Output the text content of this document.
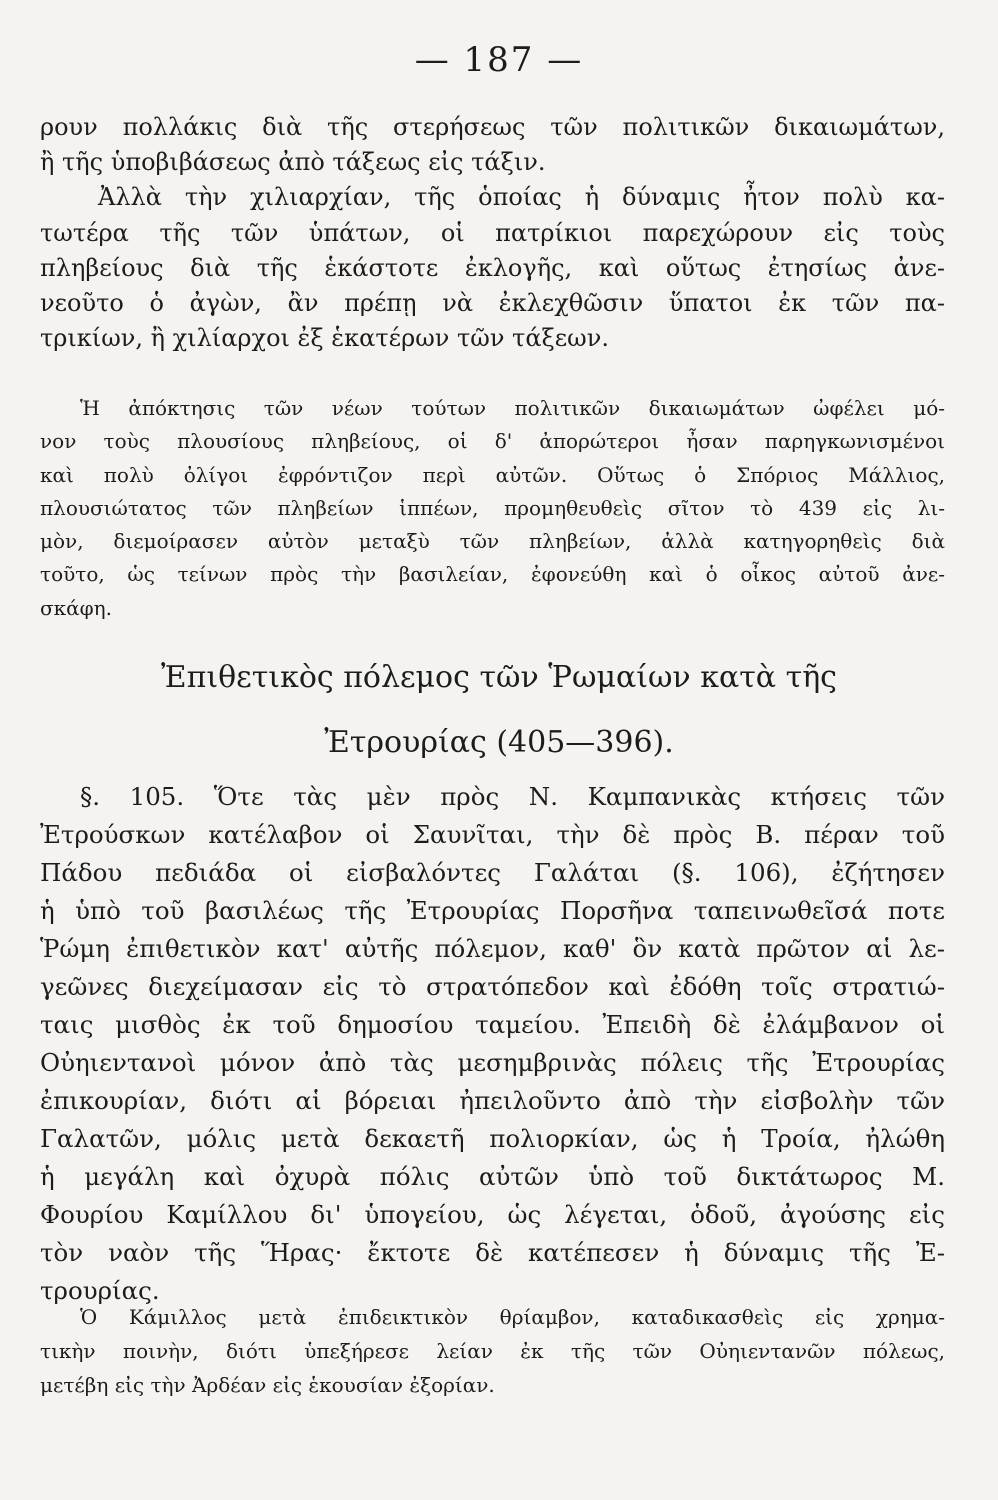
— 187 —
ρουν πολλάκις διὰ τῆς στερήσεως τῶν πολιτικῶν δικαιωμάτων,
ἢ τῆς ὑποβιβάσεως ἀπὸ τάξεως εἰς τάξιν.
Ἀλλὰ τὴν χιλιαρχίαν, τῆς ὁποίας ἡ δύναμις ἦτον πολὺ κα-
τωτέρα τῆς τῶν ὑπάτων, οἱ πατρίκιοι παρεχώρουν εἰς τοὺς
πληβείους διὰ τῆς ἑκάστοτε ἐκλογῆς, καὶ οὕτως ἐτησίως ἀνε-
νεοῦτο ὁ ἀγὼν, ἂν πρέπῃ νὰ ἐκλεχθῶσιν ὕπατοι ἐκ τῶν πα-
τρικίων, ἢ χιλίαρχοι ἐξ ἑκατέρων τῶν τάξεων.
Ἡ ἀπόκτησις τῶν νέων τούτων πολιτικῶν δικαιωμάτων ὠφέλει μό-
νον τοὺς πλουσίους πληβείους, οἱ δ' ἀπορώτεροι ἦσαν παρηγκωνισμένοι
καὶ πολὺ ὀλίγοι ἐφρόντιζον περὶ αὐτῶν. Οὕτως ὁ Σπόριος Μάλλιος,
πλουσιώτατος τῶν πληβείων ἱππέων, προμηθευθεὶς σῖτον τὸ 439 εἰς λι-
μὸν, διεμοίρασεν αὐτὸν μεταξὺ τῶν πληβείων, ἀλλὰ κατηγορηθεὶς διὰ
τοῦτο, ὡς τείνων πρὸς τὴν βασιλείαν, ἐφονεύθη καὶ ὁ οἶκος αὐτοῦ ἀνε-
σκάφη.
Ἐπιθετικὸς πόλεμος τῶν Ῥωμαίων κατὰ τῆς
Ἐτρουρίας (405—396).
§. 105. Ὅτε τὰς μὲν πρὸς Ν. Καμπανικὰς κτήσεις τῶν
Ἐτρούσκων κατέλαβον οἱ Σαυνῖται, τὴν δὲ πρὸς Β. πέραν τοῦ
Πάδου πεδιάδα οἱ εἰσβαλόντες Γαλάται (§. 106), ἐζήτησεν
ἡ ὑπὸ τοῦ βασιλέως τῆς Ἐτρουρίας Πορσῆνα ταπεινωθεῖσά ποτε
Ῥώμη ἐπιθετικὸν κατ' αὐτῆς πόλεμον, καθ' ὃν κατὰ πρῶτον αἱ λε-
γεῶνες διεχείμασαν εἰς τὸ στρατόπεδον καὶ ἐδόθη τοῖς στρατιώ-
ταις μισθὸς ἐκ τοῦ δημοσίου ταμείου. Ἐπειδὴ δὲ ἐλάμβανον οἱ
Οὐηιεντανοὶ μόνον ἀπὸ τὰς μεσημβρινὰς πόλεις τῆς Ἐτρουρίας
ἐπικουρίαν, διότι αἱ βόρειαι ἠπειλοῦντο ἀπὸ τὴν εἰσβολὴν τῶν
Γαλατῶν, μόλις μετὰ δεκαετῆ πολιορκίαν, ὡς ἡ Τροία, ἠλώθη
ἡ μεγάλη καὶ ὀχυρὰ πόλις αὐτῶν ὑπὸ τοῦ δικτάτωρος Μ.
Φουρίου Καμίλλου δι' ὑπογείου, ὡς λέγεται, ὁδοῦ, ἀγούσης εἰς
τὸν ναὸν τῆς Ἥρας· ἔκτοτε δὲ κατέπεσεν ἡ δύναμις τῆς Ἐ-
τρουρίας.
Ὁ Κάμιλλος μετὰ ἐπιδεικτικὸν θρίαμβον, καταδικασθεὶς εἰς χρημα-
τικὴν ποινὴν, διότι ὑπεξήρεσε λείαν ἐκ τῆς τῶν Οὐηιεντανῶν πόλεως,
μετέβη εἰς τὴν Ἀρδέαν εἰς ἑκουσίαν ἐξορίαν.
